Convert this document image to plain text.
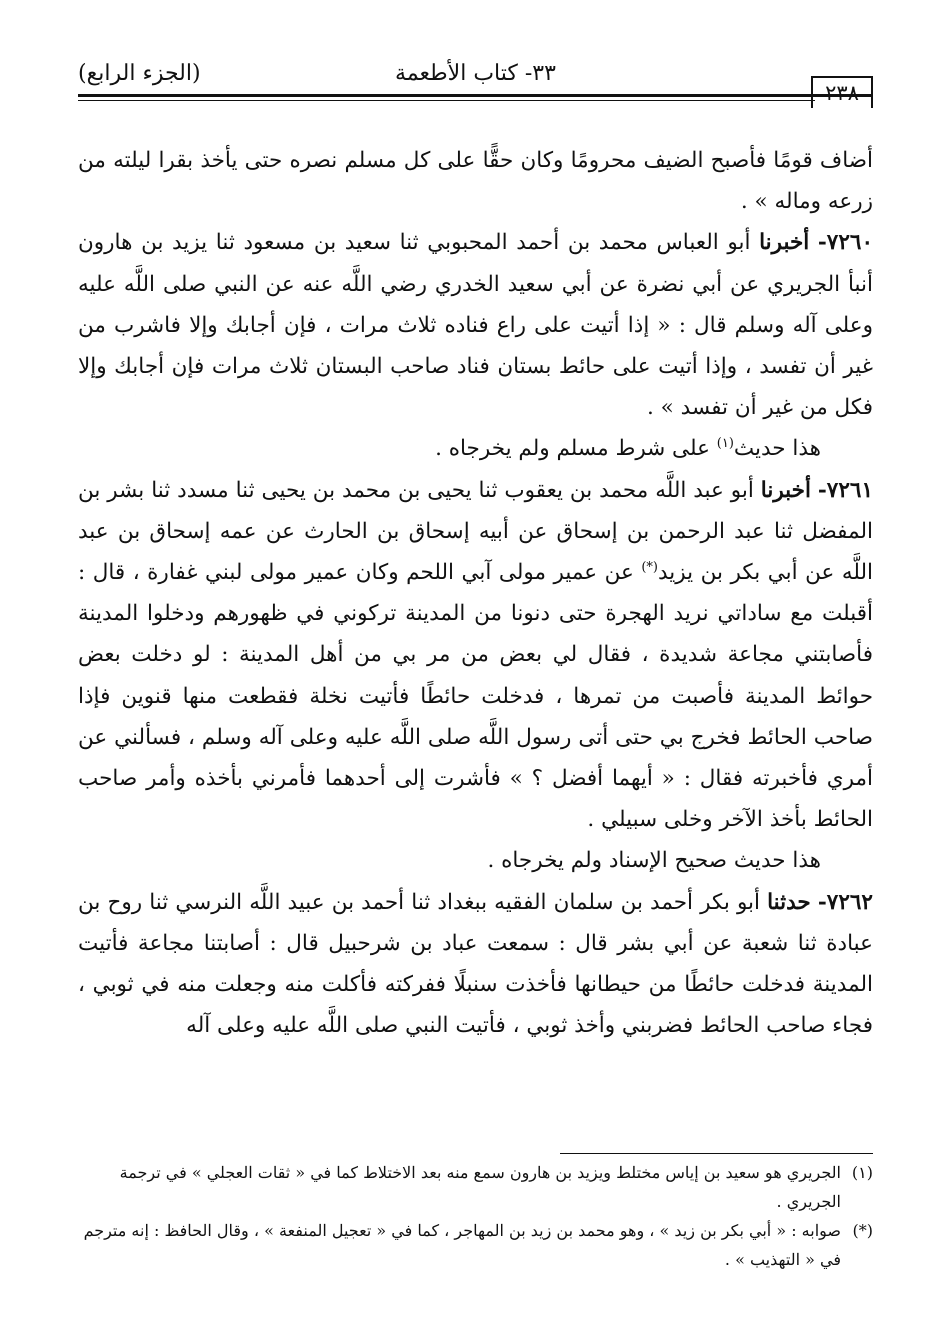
٢٣٨
٣٣- كتاب الأطعمة
(الجزء الرابع)

أضاف قومًا فأصبح الضيف محرومًا وكان حقًّا على كل مسلم نصره حتى يأخذ بقرا ليلته من زرعه وماله » .

٧٢٦٠- أخبرنا أبو العباس محمد بن أحمد المحبوبي ثنا سعيد بن مسعود ثنا يزيد بن هارون أنبأ الجريري عن أبي نضرة عن أبي سعيد الخدري رضي اللَّه عنه عن النبي صلى اللَّه عليه وعلى آله وسلم قال : « إذا أتيت على راع فناده ثلاث مرات ، فإن أجابك وإلا فاشرب من غير أن تفسد ، وإذا أتيت على حائط بستان فناد صاحب البستان ثلاث مرات فإن أجابك وإلا فكل من غير أن تفسد » .

هذا حديث$^{(١)}$ على شرط مسلم ولم يخرجاه .

٧٢٦١- أخبرنا أبو عبد اللَّه محمد بن يعقوب ثنا يحيى بن محمد بن يحيى ثنا مسدد ثنا بشر بن المفضل ثنا عبد الرحمن بن إسحاق عن أبيه إسحاق بن الحارث عن عمه إسحاق بن عبد اللَّه عن أبي بكر بن يزيد(*) عن عمير مولى آبي اللحم وكان عمير مولى لبني غفارة ، قال : أقبلت مع ساداتي نريد الهجرة حتى دنونا من المدينة تركوني في ظهورهم ودخلوا المدينة فأصابتني مجاعة شديدة ، فقال لي بعض من مر بي من أهل المدينة : لو دخلت بعض حوائط المدينة فأصبت من تمرها ، فدخلت حائطًا فأتيت نخلة فقطعت منها قنوين فإذا صاحب الحائط فخرج بي حتى أتى رسول اللَّه صلى اللَّه عليه وعلى آله وسلم ، فسألني عن أمري فأخبرته فقال : « أيهما أفضل ؟ » فأشرت إلى أحدهما فأمرني بأخذه وأمر صاحب الحائط بأخذ الآخر وخلى سبيلي .

هذا حديث صحيح الإسناد ولم يخرجاه .

٧٢٦٢- حدثنا أبو بكر أحمد بن سلمان الفقيه ببغداد ثنا أحمد بن عبيد اللَّه النرسي ثنا روح بن عبادة ثنا شعبة عن أبي بشر قال : سمعت عباد بن شرحبيل قال : أصابتنا مجاعة فأتيت المدينة فدخلت حائطًا من حيطانها فأخذت سنبلًا ففركته فأكلت منه وجعلت منه في ثوبي ، فجاء صاحب الحائط فضربني وأخذ ثوبي ، فأتيت النبي صلى اللَّه عليه وعلى آله

(١)
الجريري هو سعيد بن إياس مختلط ويزيد بن هارون سمع منه بعد الاختلاط كما في « ثقات العجلي » في ترجمة الجريري .
(*)
صوابه : « أبي بكر بن زيد » ، وهو محمد بن زيد بن المهاجر ، كما في « تعجيل المنفعة » ، وقال الحافظ : إنه مترجم في « التهذيب » .
